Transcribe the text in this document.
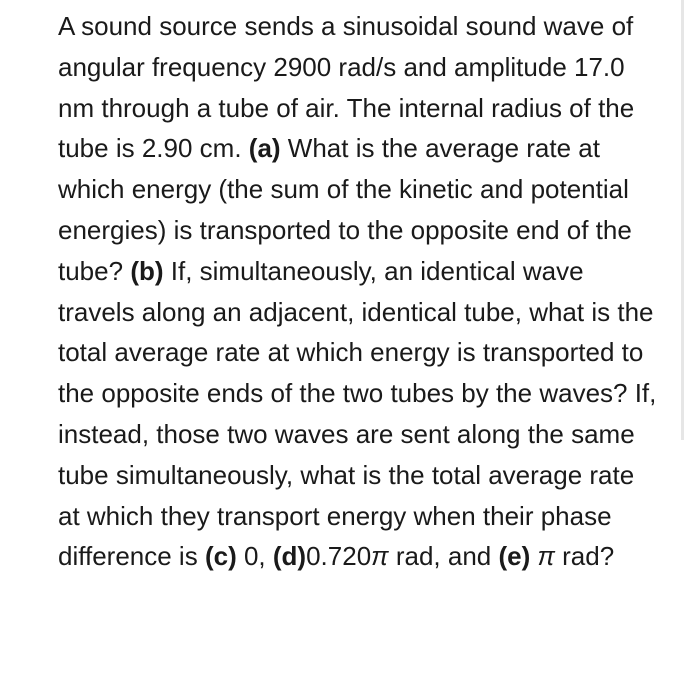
A sound source sends a sinusoidal sound wave of angular frequency 2900 rad/s and amplitude 17.0 nm through a tube of air. The internal radius of the tube is 2.90 cm. (a) What is the average rate at which energy (the sum of the kinetic and potential energies) is transported to the opposite end of the tube? (b) If, simultaneously, an identical wave travels along an adjacent, identical tube, what is the total average rate at which energy is transported to the opposite ends of the two tubes by the waves? If, instead, those two waves are sent along the same tube simultaneously, what is the total average rate at which they transport energy when their phase difference is (c) 0, (d)0.720π rad, and (e) π rad?
